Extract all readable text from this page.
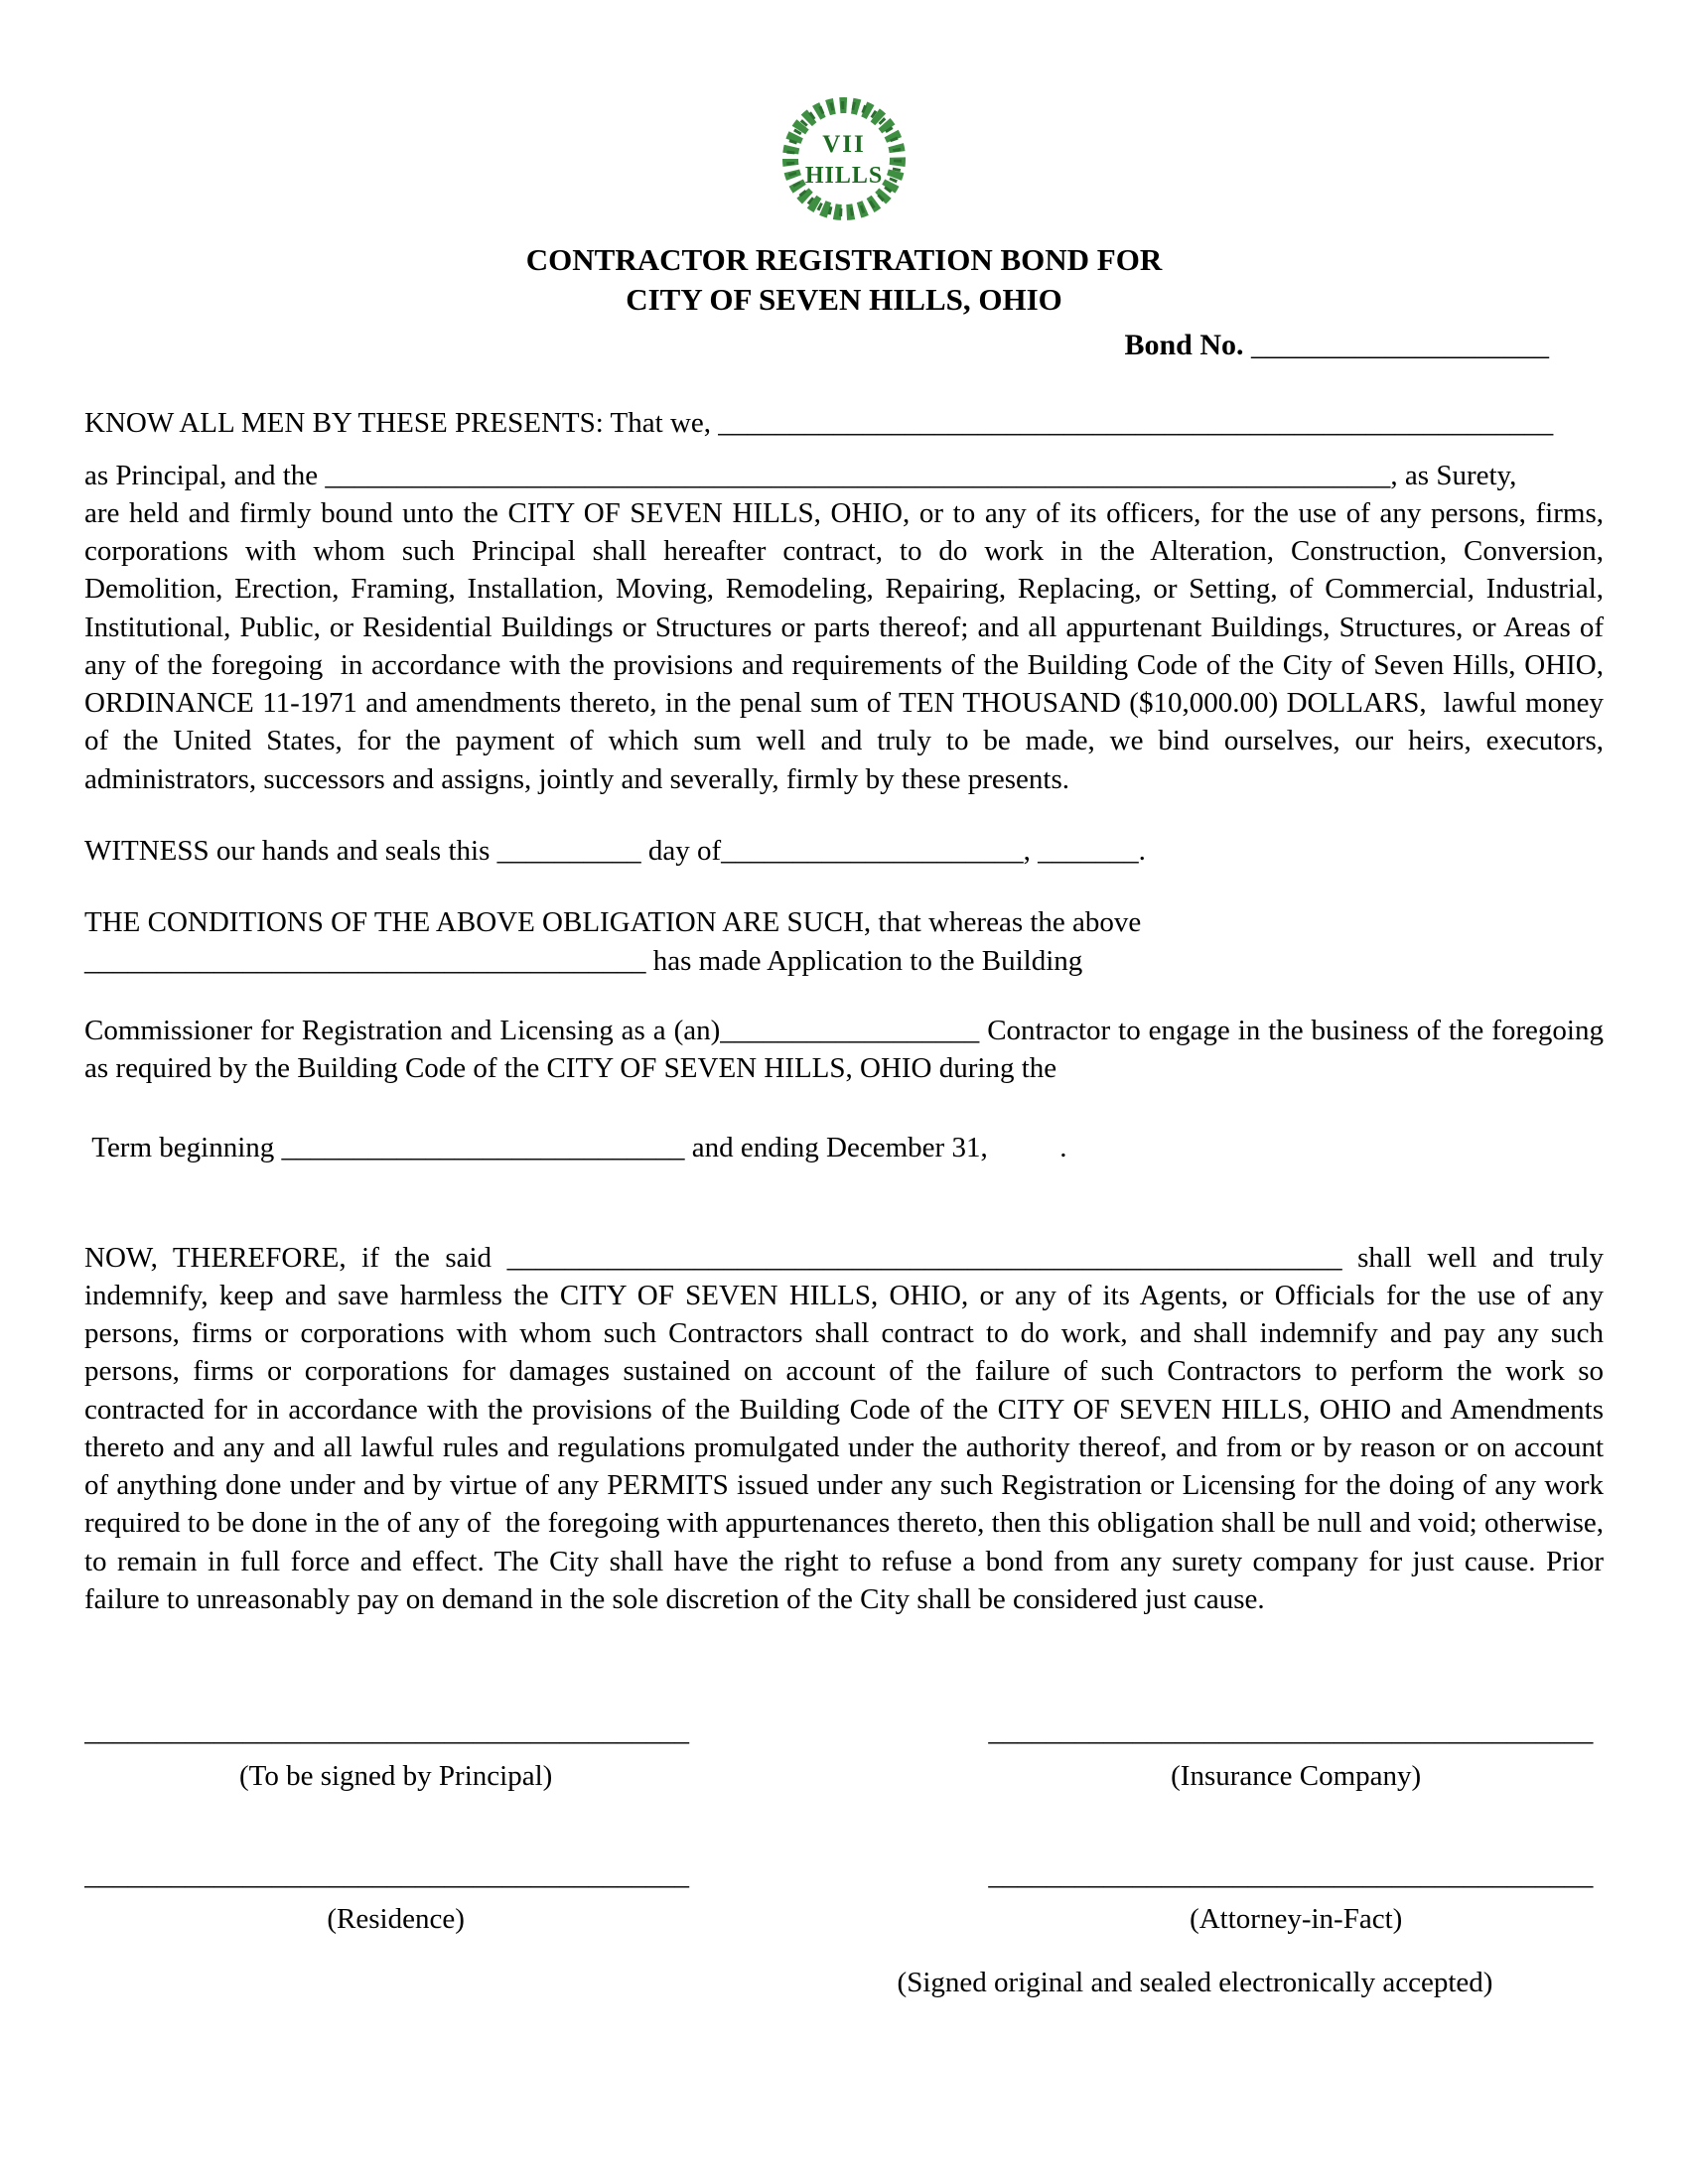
VII
HILLS
CONTRACTOR REGISTRATION BOND FOR
CITY OF SEVEN HILLS, OHIO
Bond No. ____________________
KNOW ALL MEN BY THESE PRESENTS: That we, __________________________________________________________
as Principal, and the __________________________________________________________________________, as Surety,
are held and firmly bound unto the CITY OF SEVEN HILLS, OHIO, or to any of its officers, for the use of any persons, firms, corporations with whom such Principal shall hereafter contract, to do work in the Alteration, Construction, Conversion, Demolition, Erection, Framing, Installation, Moving, Remodeling, Repairing, Replacing, or Setting, of Commercial, Industrial, Institutional, Public, or Residential Buildings or Structures or parts thereof; and all appurtenant Buildings, Structures, or Areas of any of the foregoing  in accordance with the provisions and requirements of the Building Code of the City of Seven Hills, OHIO, ORDINANCE 11-1971 and amendments thereto, in the penal sum of TEN THOUSAND ($10,000.00) DOLLARS,  lawful money of the United States, for the payment of which sum well and truly to be made, we bind ourselves, our heirs, executors, administrators, successors and assigns, jointly and severally, firmly by these presents.
WITNESS our hands and seals this __________ day of_____________________, _______.
THE CONDITIONS OF THE ABOVE OBLIGATION ARE SUCH, that whereas the above
_______________________________________ has made Application to the Building
Commissioner for Registration and Licensing as a (an)__________________ Contractor to engage in the business of the foregoing as required by the Building Code of the CITY OF SEVEN HILLS, OHIO during the
Term beginning ____________________________ and ending December 31,          .
NOW, THEREFORE, if the said __________________________________________________________ shall well and truly indemnify, keep and save harmless the CITY OF SEVEN HILLS, OHIO, or any of its Agents, or Officials for the use of any persons, firms or corporations with whom such Contractors shall contract to do work, and shall indemnify and pay any such persons, firms or corporations for damages sustained on account of the failure of such Contractors to perform the work so contracted for in accordance with the provisions of the Building Code of the CITY OF SEVEN HILLS, OHIO and Amendments thereto and any and all lawful rules and regulations promulgated under the authority thereof, and from or by reason or on account of anything done under and by virtue of any PERMITS issued under any such Registration or Licensing for the doing of any work required to be done in the of any of  the foregoing with appurtenances thereto, then this obligation shall be null and void; otherwise, to remain in full force and effect. The City shall have the right to refuse a bond from any surety company for just cause. Prior failure to unreasonably pay on demand in the sole discretion of the City shall be considered just cause.
__________________________________________
(To be signed by Principal)
__________________________________________
(Insurance Company)
__________________________________________
(Residence)
__________________________________________
(Attorney-in-Fact)
(Signed original and sealed electronically accepted)
